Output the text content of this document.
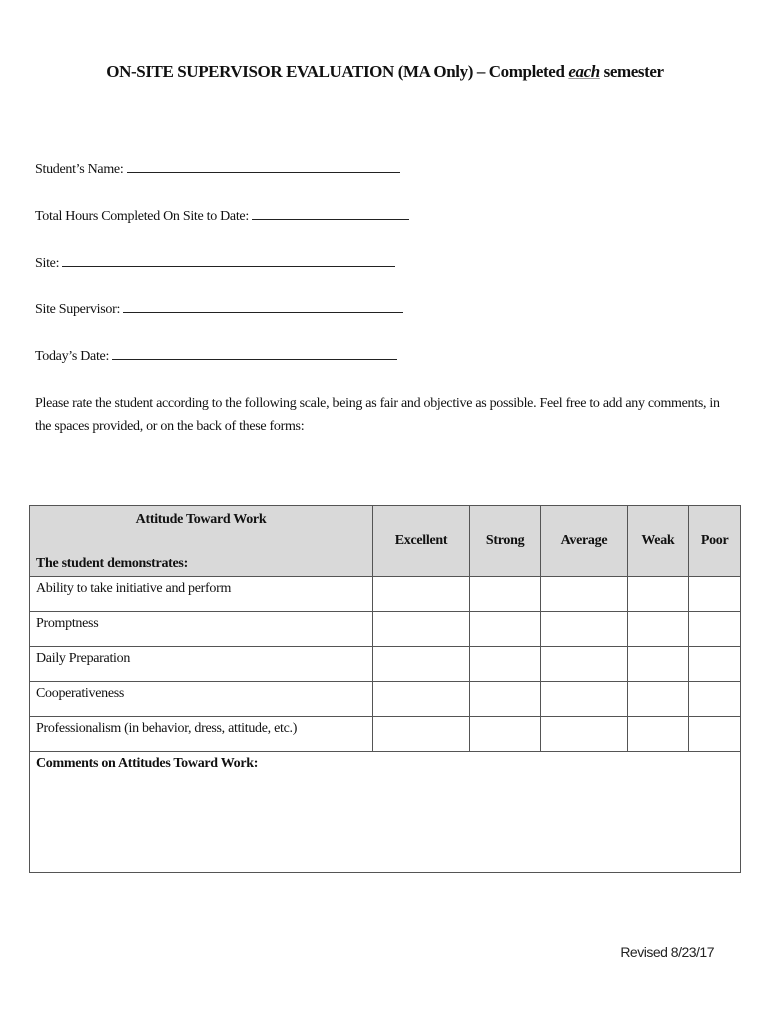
ON-SITE SUPERVISOR EVALUATION (MA Only) – Completed each semester
Student’s Name:
Total Hours Completed On Site to Date:
Site:
Site Supervisor:
Today’s Date:
Please rate the student according to the following scale, being as fair and objective as possible. Feel free to add any comments, in the spaces provided, or on the back of these forms:
Attitude Toward Work
The student demonstrates:	Excellent	Strong	Average	Weak	Poor
Ability to take initiative and perform					
Promptness					
Daily Preparation					
Cooperativeness					
Professionalism (in behavior, dress, attitude, etc.)					
Comments on Attitudes Toward Work:					
Revised 8/23/17
